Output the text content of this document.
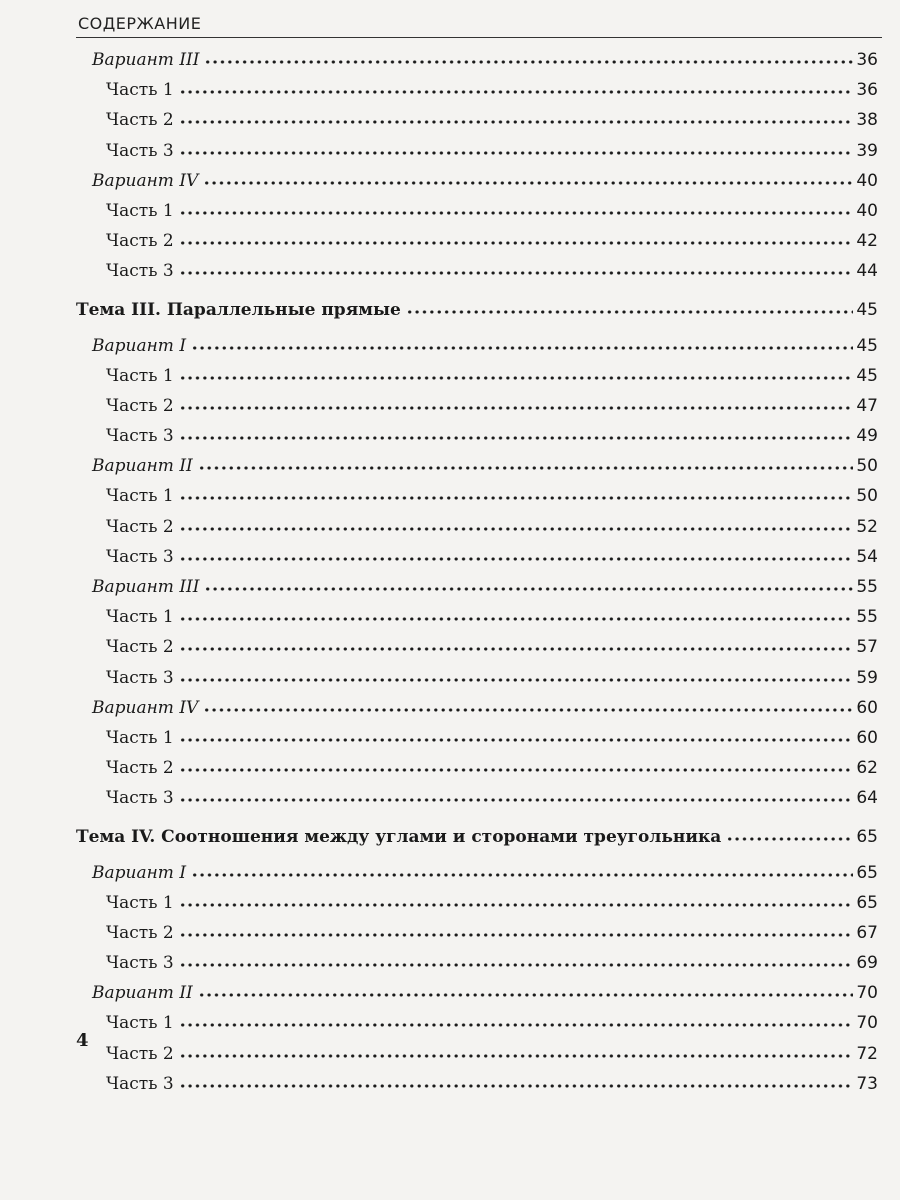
СОДЕРЖАНИЕ
Вариант III	36
Часть 1	36
Часть 2	38
Часть 3	39
Вариант IV	40
Часть 1	40
Часть 2	42
Часть 3	44
Тема III. Параллельные прямые	45
Вариант I	45
Часть 1	45
Часть 2	47
Часть 3	49
Вариант II	50
Часть 1	50
Часть 2	52
Часть 3	54
Вариант III	55
Часть 1	55
Часть 2	57
Часть 3	59
Вариант IV	60
Часть 1	60
Часть 2	62
Часть 3	64
Тема IV. Соотношения между углами и сторонами треугольника	65
Вариант I	65
Часть 1	65
Часть 2	67
Часть 3	69
Вариант II	70
Часть 1	70
Часть 2	72
Часть 3	73
4
